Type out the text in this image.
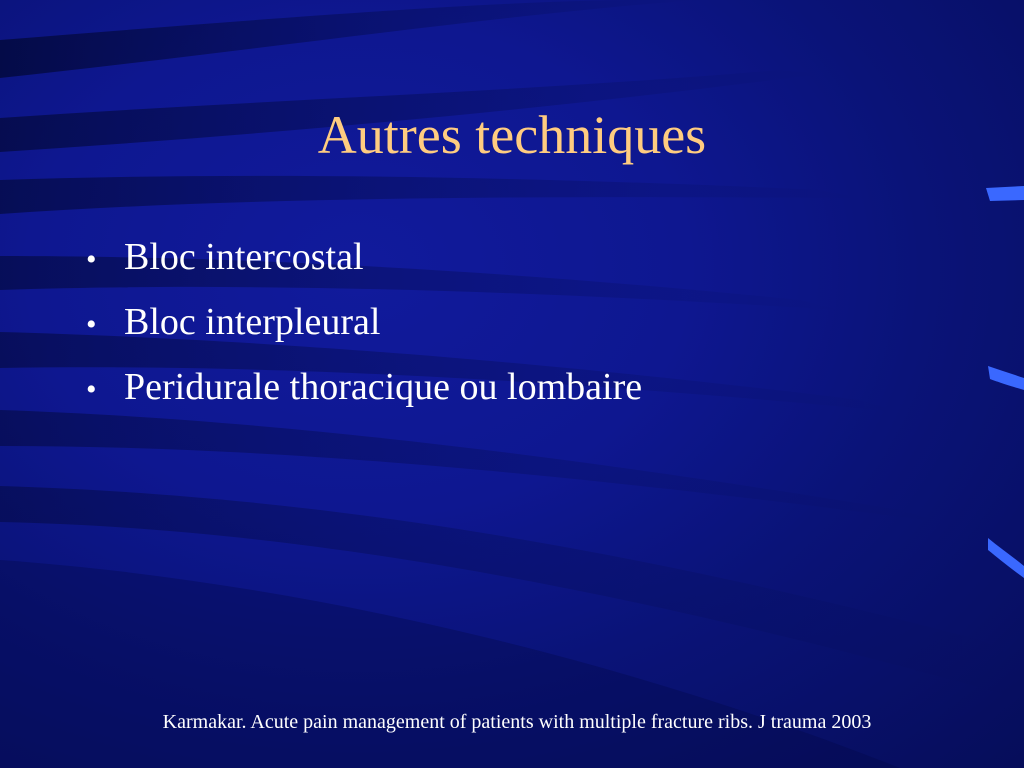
Autres techniques
• Bloc intercostal
• Bloc interpleural
• Peridurale thoracique ou lombaire
Karmakar. Acute pain management of patients with multiple fracture ribs. J trauma 2003
